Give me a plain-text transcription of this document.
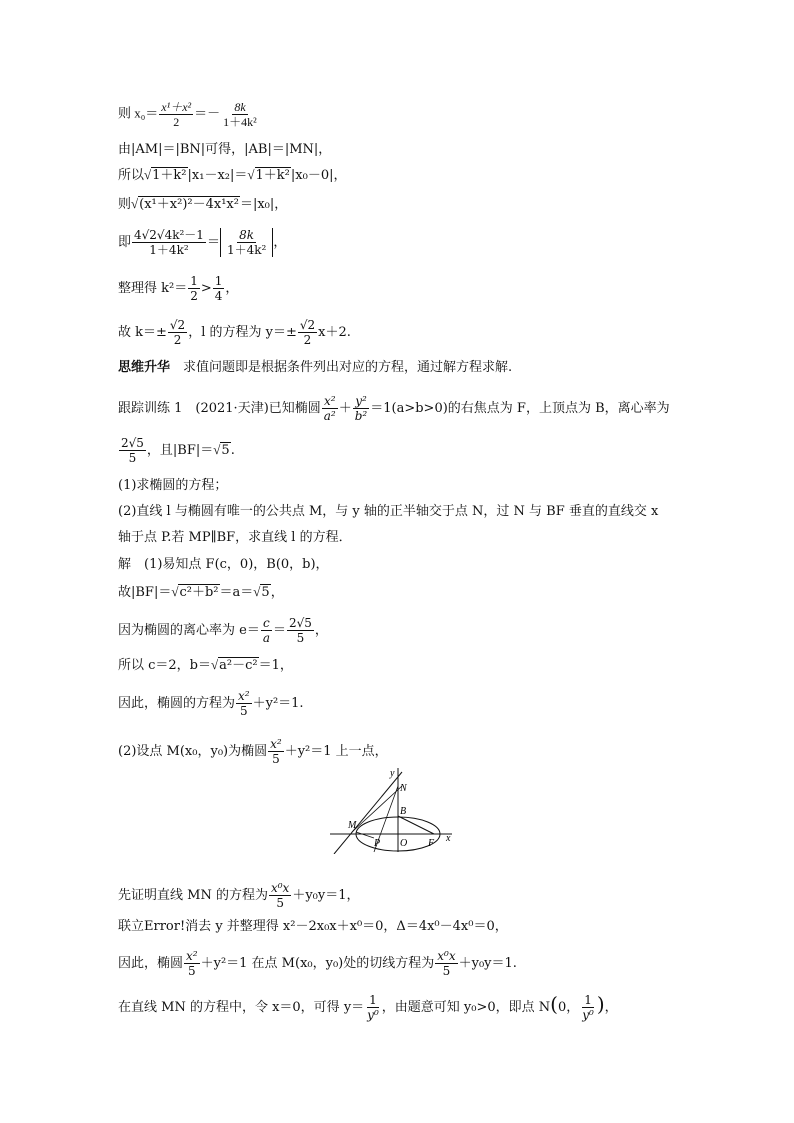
则 $x_0= \frac{\text{x¹＋x²}}{2} =- \frac{8k}{\text{1＋4k²}}$
由|AM|＝|BN|可得，|AB|＝|MN|，
所以√1＋k²|x₁－x₂|＝√1＋k²|x₀－0|，
则√(x¹＋x²)²－4x¹x²＝|x₀|，
即 $\frac{\text{4√2√4k²－1}}{\text{1＋4k²}} = \frac{8k}{\text{1＋4k²}}$ ，
整理得 $k^2= \frac{1}{2} > \frac{1}{4}$ ，
故 $k=\pm \frac{√2}{2}$ ，l 的方程为 $y=\pm \frac{√2}{2} x+2$.
思维升华　求值问题即是根据条件列出对应的方程，通过解方程求解.
跟踪训练 1　(2021·天津)已知椭圆 $\frac{\text{x²}}{\text{a²}} + \frac{\text{y²}}{\text{b²}} =1(a>b>0)$的右焦点为 F，上顶点为 B，离心率为
$\frac{2√5}{5}$ ，且|BF|＝√5.
(1)求椭圆的方程；
(2)直线 l 与椭圆有唯一的公共点 M，与 y 轴的正半轴交于点 N，过 N 与 BF 垂直的直线交 x
轴于点 P.若 MP∥BF，求直线 l 的方程．
解　(1)易知点 F(c，0)，B(0，b)，
故|BF|＝√c²＋b²＝a＝√5，
因为椭圆的离心率为 $e= \frac{c}{a} = \frac{2√5}{5}$ ，
所以 c＝2，b＝√a²－c²＝1，
因此，椭圆的方程为 $\frac{\text{x²}}{5} +y^2=1$.
(2)设点 M(x₀，y₀)为椭圆 $\frac{\text{x²}}{5} +y^2=1$ 上一点，
y
N
B
M
P O F x
先证明直线 MN 的方程为 $\frac{\text{x⁰x}}{5} +y_0y=1$，
联立Error!消去 y 并整理得 x²－2x₀x＋x⁰＝0，Δ＝4x⁰－4x⁰＝0，
因此，椭圆 $\frac{\text{x²}}{5} +y^2=1$ 在点 M(x₀，y₀)处的切线方程为 $\frac{\text{x⁰x}}{5} +y_0y=1$.
在直线 MN 的方程中，令 x＝0，可得 $y= \frac{1}{\text{y⁰}}$ ，由题意可知 y₀>0，即点 N(0， $\frac{1}{\text{y⁰}}$ )，
